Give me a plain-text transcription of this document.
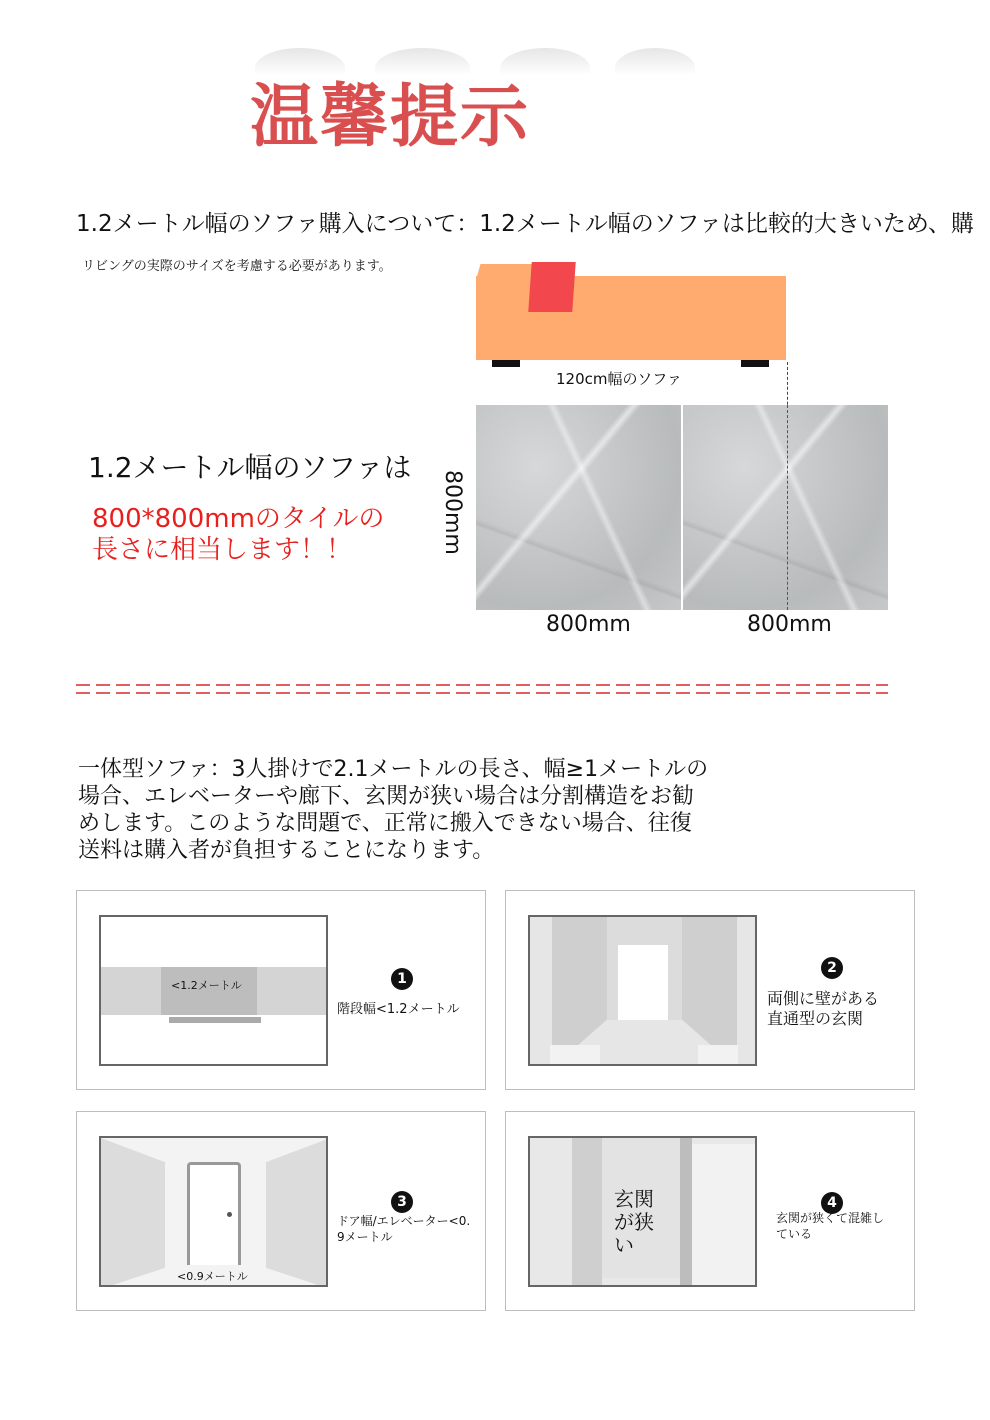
温馨提示
1.2メートル幅のソファ購入について：1.2メートル幅のソファは比較的大きいため、購
リビングの実際のサイズを考慮する必要があります。
120cm幅のソファ
800mm
800mm	800mm
1.2メートル幅のソファは
800*800mmのタイルの
長さに相当します！！
一体型ソファ：3人掛けで2.1メートルの長さ、幅≥1メートルの
場合、エレベーターや廊下、玄関が狭い場合は分割構造をお勧
めします。このような問題で、正常に搬入できない場合、往復
送料は購入者が負担することになります。
<1.2メートル	1
階段幅<1.2メートル
2
両側に壁がある
直通型の玄関
<0.9メートル
3
ドア幅/エレベーター<0.
9メートル
玄関
が狭
い
4
玄関が狭くて混雑し
ている
